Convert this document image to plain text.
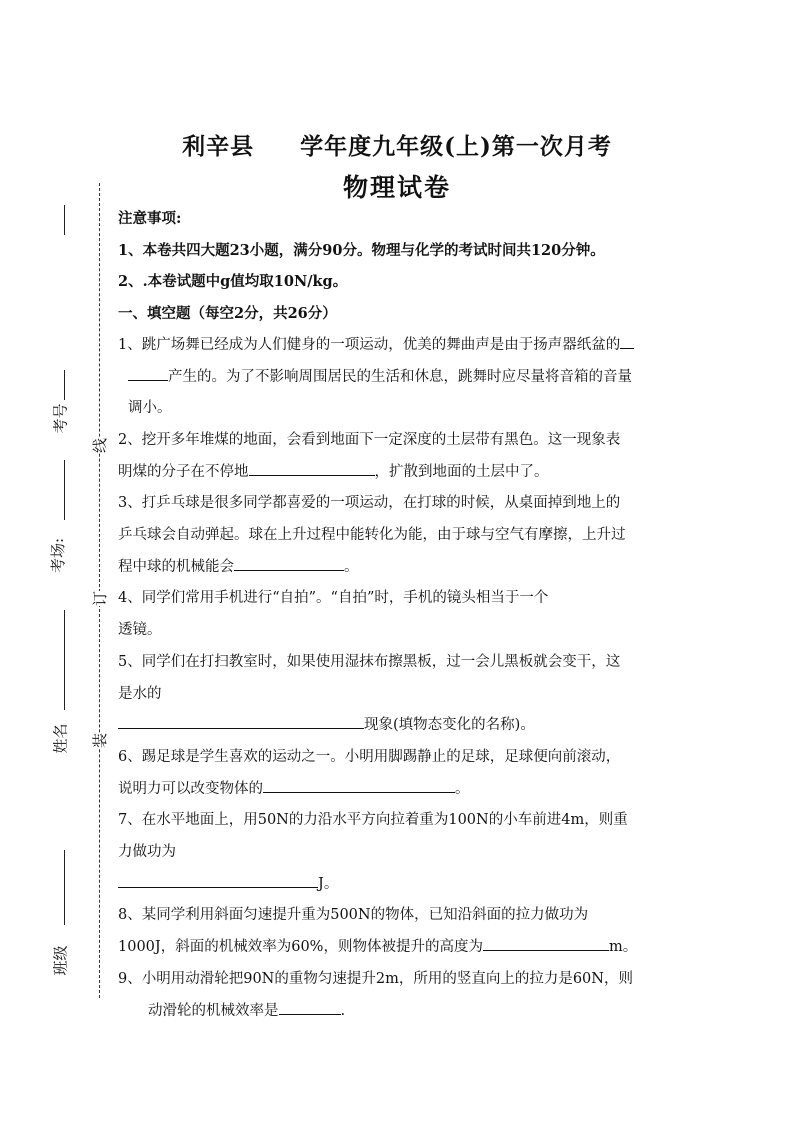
考号
考场:
姓名
班级
线
订
装
利辛县 学年度九年级(上)第一次月考
物理试卷
注意事项:
1、本卷共四大题23小题，满分90分。物理与化学的考试时间共120分钟。
2、.本卷试题中g值均取10N/kg。
一、填空题（每空2分，共26分）
1、跳广场舞已经成为人们健身的一项运动，优美的舞曲声是由于扬声器纸盆的
产生的。为了不影响周围居民的生活和休息，跳舞时应尽量将音箱的音量
调小。
2、挖开多年堆煤的地面，会看到地面下一定深度的土层带有黑色。这一现象表
明煤的分子在不停地	，扩散到地面的土层中了。
3、打乒乓球是很多同学都喜爱的一项运动，在打球的时候，从桌面掉到地上的
乒乓球会自动弹起。球在上升过程中能转化为能，由于球与空气有摩擦，上升过
程中球的机械能会	。
4、同学们常用手机进行“自拍”。“自拍”时，手机的镜头相当于一个
透镜。
5、同学们在打扫教室时，如果使用湿抹布擦黑板，过一会儿黑板就会变干，这
是水的
现象(填物态变化的名称)。
6、踢足球是学生喜欢的运动之一。小明用脚踢静止的足球，足球便向前滚动，
说明力可以改变物体的	。
7、在水平地面上，用50N的力沿水平方向拉着重为100N的小车前进4m，则重
力做功为
J。
8、某同学利用斜面匀速提升重为500N的物体，已知沿斜面的拉力做功为
1000J，斜面的机械效率为60%，则物体被提升的高度为	m。
9、小明用动滑轮把90N的重物匀速提升2m，所用的竖直向上的拉力是60N，则
动滑轮的机械效率是	.
